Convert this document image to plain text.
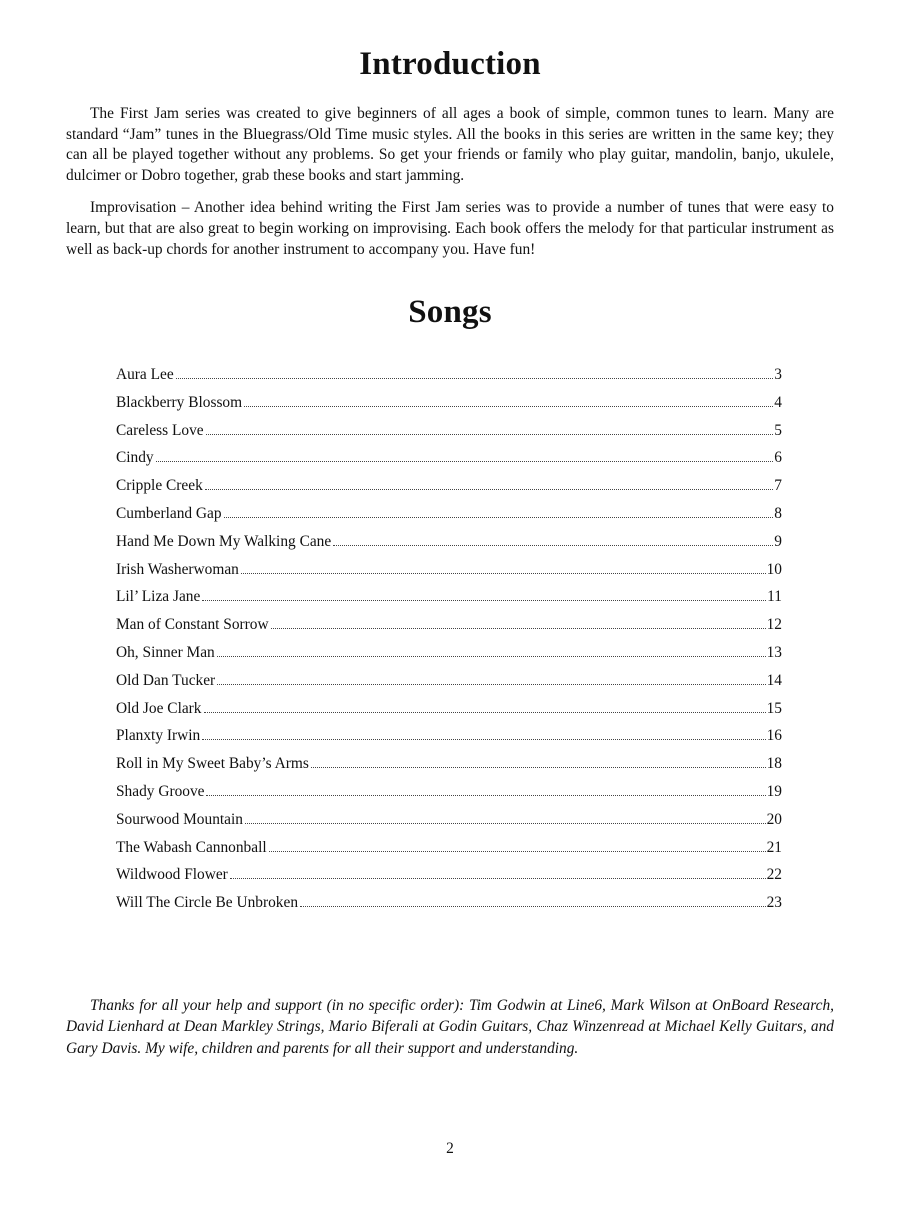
Introduction

The First Jam series was created to give beginners of all ages a book of simple, common tunes to learn. Many are standard “Jam” tunes in the Bluegrass/Old Time music styles. All the books in this series are written in the same key; they can all be played together without any problems. So get your friends or family who play guitar, mandolin, banjo, ukulele, dulcimer or Dobro together, grab these books and start jamming.

Improvisation – Another idea behind writing the First Jam series was to provide a number of tunes that were easy to learn, but that are also great to begin working on improvising. Each book offers the melody for that particular instrument as well as back-up chords for another instrument to accompany you. Have fun!

Songs
Aura Lee	3
Blackberry Blossom	4
Careless Love	5
Cindy	6
Cripple Creek	7
Cumberland Gap	8
Hand Me Down My Walking Cane	9
Irish Washerwoman	10
Lil’ Liza Jane	11
Man of Constant Sorrow	12
Oh, Sinner Man	13
Old Dan Tucker	14
Old Joe Clark	15
Planxty Irwin	16
Roll in My Sweet Baby’s Arms	18
Shady Groove	19
Sourwood Mountain	20
The Wabash Cannonball	21
Wildwood Flower	22
Will The Circle Be Unbroken	23

Thanks for all your help and support (in no specific order): Tim Godwin at Line6, Mark Wilson at OnBoard Research, David Lienhard at Dean Markley Strings, Mario Biferali at Godin Guitars, Chaz Winzenread at Michael Kelly Guitars, and Gary Davis. My wife, children and parents for all their support and understanding.

2
